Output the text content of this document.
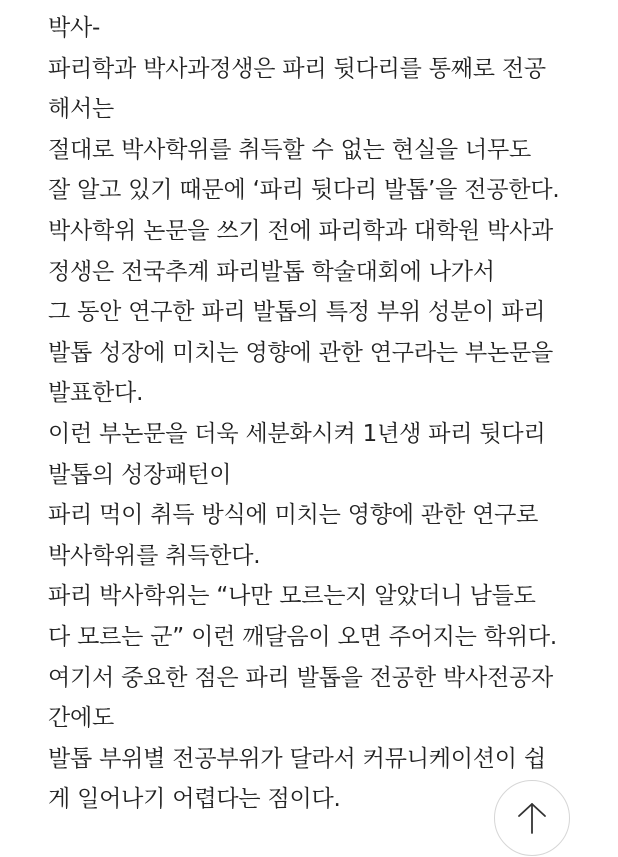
박사-
파리학과 박사과정생은 파리 뒷다리를 통째로 전공
해서는
절대로 박사학위를 취득할 수 없는 현실을 너무도
잘 알고 있기 때문에 ‘파리 뒷다리 발톱’을 전공한다.
박사학위 논문을 쓰기 전에 파리학과 대학원 박사과
정생은 전국추계 파리발톱 학술대회에 나가서
그 동안 연구한 파리 발톱의 특정 부위 성분이 파리
발톱 성장에 미치는 영향에 관한 연구라는 부논문을
발표한다.
이런 부논문을 더욱 세분화시켜 1년생 파리 뒷다리
발톱의 성장패턴이
파리 먹이 취득 방식에 미치는 영향에 관한 연구로
박사학위를 취득한다.
파리 박사학위는 “나만 모르는지 알았더니 남들도
다 모르는 군” 이런 깨달음이 오면 주어지는 학위다.
여기서 중요한 점은 파리 발톱을 전공한 박사전공자
간에도
발톱 부위별 전공부위가 달라서 커뮤니케이션이 쉽
게 일어나기 어렵다는 점이다.
